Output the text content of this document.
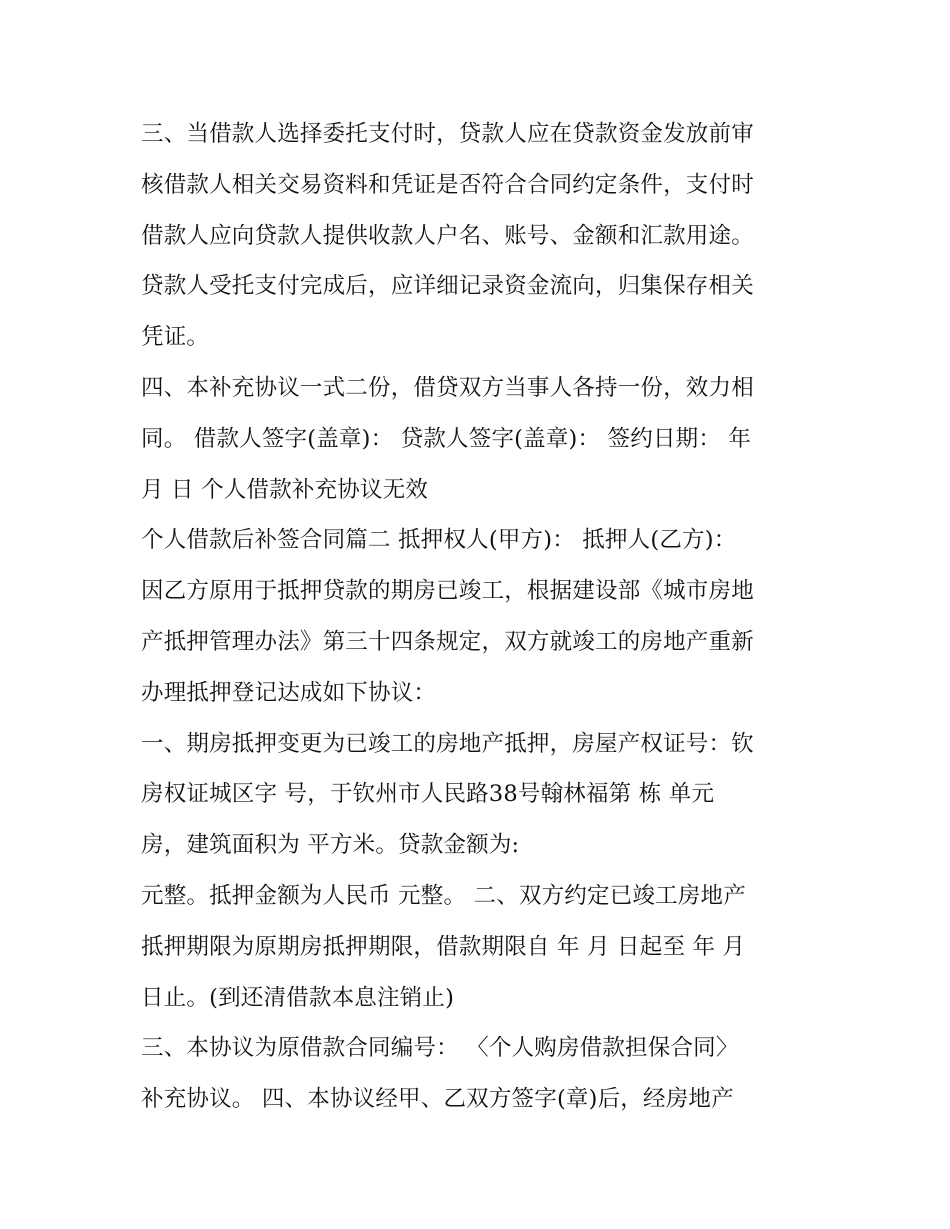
三、当借款人选择委托支付时，贷款人应在贷款资金发放前审
核借款人相关交易资料和凭证是否符合合同约定条件，支付时
借款人应向贷款人提供收款人户名、账号、金额和汇款用途。
贷款人受托支付完成后，应详细记录资金流向，归集保存相关
凭证。
四、本补充协议一式二份，借贷双方当事人各持一份，效力相
同。 借款人签字(盖章)： 贷款人签字(盖章)： 签约日期： 年
月 日 个人借款补充协议无效
个人借款后补签合同篇二 抵押权人(甲方)： 抵押人(乙方)：
因乙方原用于抵押贷款的期房已竣工，根据建设部《城市房地
产抵押管理办法》第三十四条规定，双方就竣工的房地产重新
办理抵押登记达成如下协议：
一、期房抵押变更为已竣工的房地产抵押，房屋产权证号：钦
房权证城区字 号，于钦州市人民路38号翰林福第 栋 单元
房，建筑面积为 平方米。贷款金额为:
元整。抵押金额为人民币 元整。 二、双方约定已竣工房地产
抵押期限为原期房抵押期限，借款期限自 年 月 日起至 年 月
日止。(到还清借款本息注销止)
三、本协议为原借款合同编号： 〈个人购房借款担保合同〉
补充协议。 四、本协议经甲、乙双方签字(章)后，经房地产
